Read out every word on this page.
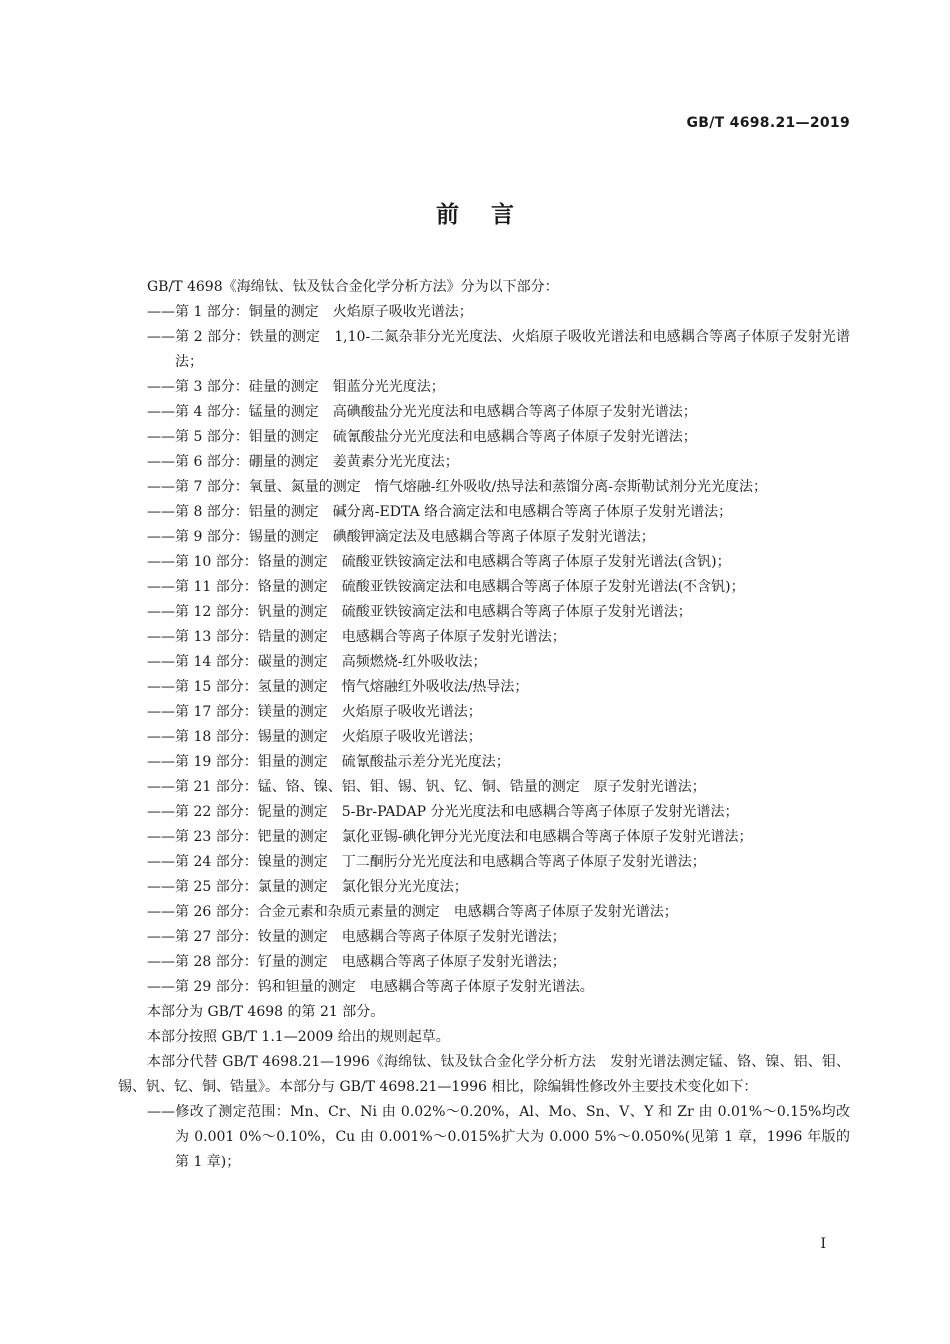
GB/T 4698.21—2019
前言

GB/T 4698《海绵钛、钛及钛合金化学分析方法》分为以下部分：

——第 1 部分：铜量的测定　火焰原子吸收光谱法；

——第 2 部分：铁量的测定　1,10-二氮杂菲分光光度法、火焰原子吸收光谱法和电感耦合等离子体原子发射光谱法；

——第 3 部分：硅量的测定　钼蓝分光光度法；

——第 4 部分：锰量的测定　高碘酸盐分光光度法和电感耦合等离子体原子发射光谱法；

——第 5 部分：钼量的测定　硫氰酸盐分光光度法和电感耦合等离子体原子发射光谱法；

——第 6 部分：硼量的测定　姜黄素分光光度法；

——第 7 部分：氧量、氮量的测定　惰气熔融-红外吸收/热导法和蒸馏分离-奈斯勒试剂分光光度法；

——第 8 部分：铝量的测定　碱分离-EDTA 络合滴定法和电感耦合等离子体原子发射光谱法；

——第 9 部分：锡量的测定　碘酸钾滴定法及电感耦合等离子体原子发射光谱法；

——第 10 部分：铬量的测定　硫酸亚铁铵滴定法和电感耦合等离子体原子发射光谱法(含钒)；

——第 11 部分：铬量的测定　硫酸亚铁铵滴定法和电感耦合等离子体原子发射光谱法(不含钒)；

——第 12 部分：钒量的测定　硫酸亚铁铵滴定法和电感耦合等离子体原子发射光谱法；

——第 13 部分：锆量的测定　电感耦合等离子体原子发射光谱法；

——第 14 部分：碳量的测定　高频燃烧-红外吸收法；

——第 15 部分：氢量的测定　惰气熔融红外吸收法/热导法；

——第 17 部分：镁量的测定　火焰原子吸收光谱法；

——第 18 部分：锡量的测定　火焰原子吸收光谱法；

——第 19 部分：钼量的测定　硫氰酸盐示差分光光度法；

——第 21 部分：锰、铬、镍、铝、钼、锡、钒、钇、铜、锆量的测定　原子发射光谱法；

——第 22 部分：铌量的测定　5-Br-PADAP 分光光度法和电感耦合等离子体原子发射光谱法；

——第 23 部分：钯量的测定　氯化亚锡-碘化钾分光光度法和电感耦合等离子体原子发射光谱法；

——第 24 部分：镍量的测定　丁二酮肟分光光度法和电感耦合等离子体原子发射光谱法；

——第 25 部分：氯量的测定　氯化银分光光度法；

——第 26 部分：合金元素和杂质元素量的测定　电感耦合等离子体原子发射光谱法；

——第 27 部分：钕量的测定　电感耦合等离子体原子发射光谱法；

——第 28 部分：钌量的测定　电感耦合等离子体原子发射光谱法；

——第 29 部分：钨和钽量的测定　电感耦合等离子体原子发射光谱法。

本部分为 GB/T 4698 的第 21 部分。

本部分按照 GB/T 1.1—2009 给出的规则起草。

本部分代替 GB/T 4698.21—1996《海绵钛、钛及钛合金化学分析方法　发射光谱法测定锰、铬、镍、铝、钼、锡、钒、钇、铜、锆量》。本部分与 GB/T 4698.21—1996 相比，除编辑性修改外主要技术变化如下：

——修改了测定范围：Mn、Cr、Ni 由 0.02%～0.20%，Al、Mo、Sn、V、Y 和 Zr 由 0.01%～0.15%均改为 0.001 0%～0.10%，Cu 由 0.001%～0.015%扩大为 0.000 5%～0.050%(见第 1 章，1996 年版的第 1 章)；

I
